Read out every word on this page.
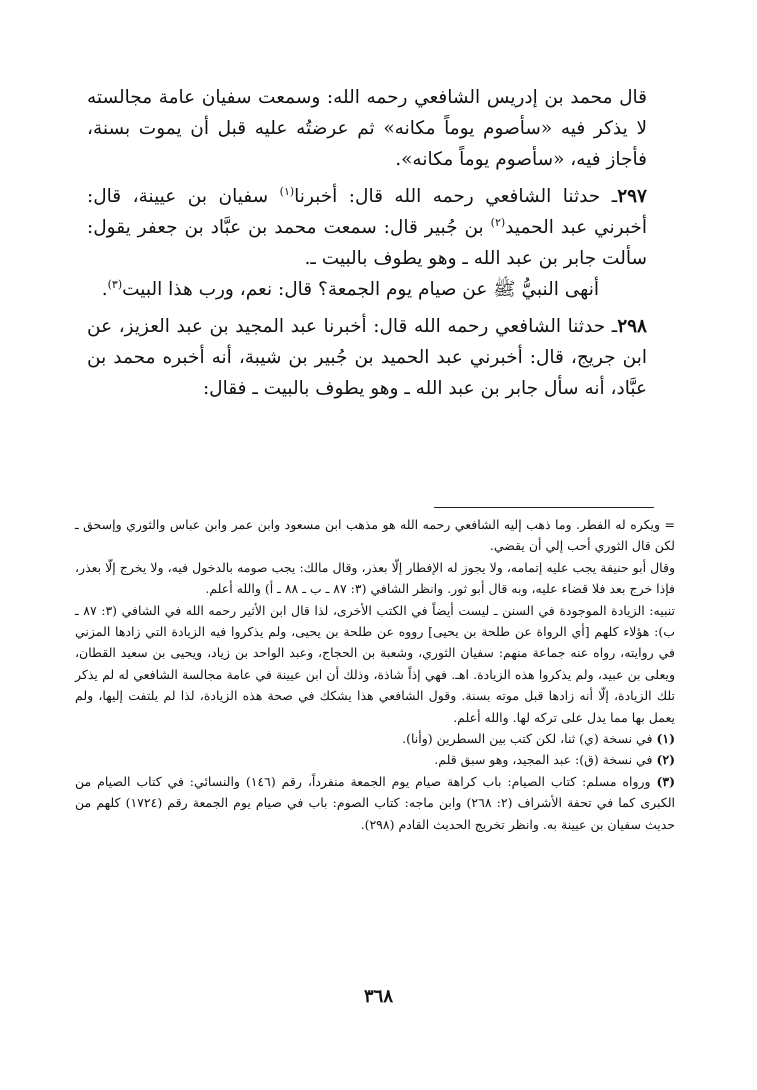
قال محمد بن إدريس الشافعي رحمه الله: وسمعت سفيان عامة مجالسته لا يذكر فيه «سأصوم يوماً مكانه» ثم عرضتُه عليه قبل أن يموت بسنة، فأجاز فيه، «سأصوم يوماً مكانه».

٢٩٧ـ حدثنا الشافعي رحمه الله قال: أخبرنا$^{(١)}$ سفيان بن عيينة، قال: أخبرني عبد الحميد$^{(٢)}$ بن جُبير قال: سمعت محمد بن عبَّاد بن جعفر يقول: سألت جابر بن عبد الله ـ وهو يطوف بالبيت ـ.
أنهى النبيُّ ﷺ عن صيام يوم الجمعة؟ قال: نعم، ورب هذا البيت$^{(٣)}$.

٢٩٨ـ حدثنا الشافعي رحمه الله قال: أخبرنا عبد المجيد بن عبد العزيز، عن ابن جريج، قال: أخبرني عبد الحميد بن جُبير بن شيبة، أنه أخبره محمد بن عبَّاد، أنه سأل جابر بن عبد الله ـ وهو يطوف بالبيت ـ فقال:

= ويكره له الفطر. وما ذهب إليه الشافعي رحمه الله هو مذهب ابن مسعود وابن عمر وابن عباس والثوري وإسحق ـ لكن قال الثوري أحب إلي أن يقضي.

وقال أبو حنيفة يجب عليه إتمامه، ولا يجوز له الإفطار إلّا بعذر، وقال مالك: يجب صومه بالدخول فيه، ولا يخرج إلّا بعذر، فإذا خرج بعد فلا قضاء عليه، وبه قال أبو ثور. وانظر الشافي (٣: ٨٧ ـ ب ـ ٨٨ ـ أ) والله أعلم.

تنبيه: الزيادة الموجودة في السنن ـ ليست أيضاً في الكتب الأخرى، لذا قال ابن الأثير رحمه الله في الشافي (٣: ٨٧ ـ ب): هؤلاء كلهم [أي الرواة عن طلحة بن يحيى] رووه عن طلحة بن يحيى، ولم يذكروا فيه الزيادة التي زادها المزني في روايته، رواه عنه جماعة منهم: سفيان الثوري، وشعبة بن الحجاج، وعبد الواحد بن زياد، ويحيى بن سعيد القطان، ويعلى بن عبيد، ولم يذكروا هذه الزيادة. اهـ. فهي إذاً شاذة، وذلك أن ابن عيينة في عامة مجالسة الشافعي له لم يذكر تلك الزيادة، إلّا أنه زادها قبل موته بسنة. وقول الشافعي هذا يشكك في صحة هذه الزيادة، لذا لم يلتفت إليها، ولم يعمل بها مما يدل على تركه لها. والله أعلم.

(١) في نسخة (ي) ثنا، لكن كتب بين السطرين (وأنا).

(٢) في نسخة (ق): عبد المجيد، وهو سبق قلم.

(٣) ورواه مسلم: كتاب الصيام: باب كراهة صيام يوم الجمعة منفرداً، رقم (١٤٦) والنسائي: في كتاب الصيام من الكبرى كما في تحفة الأشراف (٢: ٢٦٨) وابن ماجه: كتاب الصوم: باب في صيام يوم الجمعة رقم (١٧٢٤) كلهم من حديث سفيان بن عيينة به. وانظر تخريج الحديث القادم (٢٩٨).

٣٦٨
